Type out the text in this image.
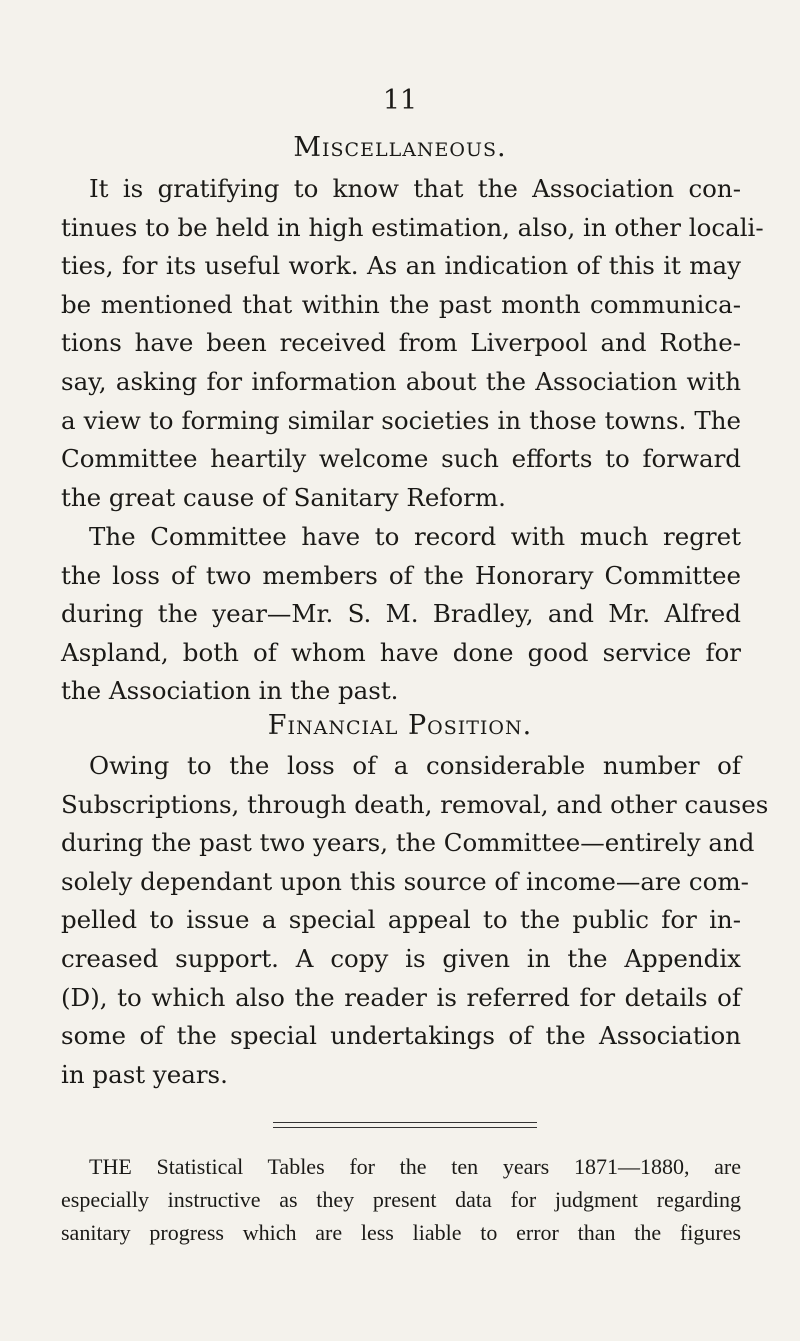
11
Miscellaneous.
It is gratifying to know that the Association con-
tinues to be held in high estimation, also, in other locali-
ties, for its useful work. As an indication of this it may
be mentioned that within the past month communica-
tions have been received from Liverpool and Rothe-
say, asking for information about the Association with
a view to forming similar societies in those towns. The
Committee heartily welcome such efforts to forward
the great cause of Sanitary Reform.
The Committee have to record with much regret
the loss of two members of the Honorary Committee
during the year—Mr. S. M. Bradley, and Mr. Alfred
Aspland, both of whom have done good service for
the Association in the past.
Financial Position.
Owing to the loss of a considerable number of
Subscriptions, through death, removal, and other causes
during the past two years, the Committee—entirely and
solely dependant upon this source of income—are com-
pelled to issue a special appeal to the public for in-
creased support. A copy is given in the Appendix
(D), to which also the reader is referred for details of
some of the special undertakings of the Association
in past years.
THE Statistical Tables for the ten years 1871—1880, are
especially instructive as they present data for judgment regarding
sanitary progress which are less liable to error than the figures
